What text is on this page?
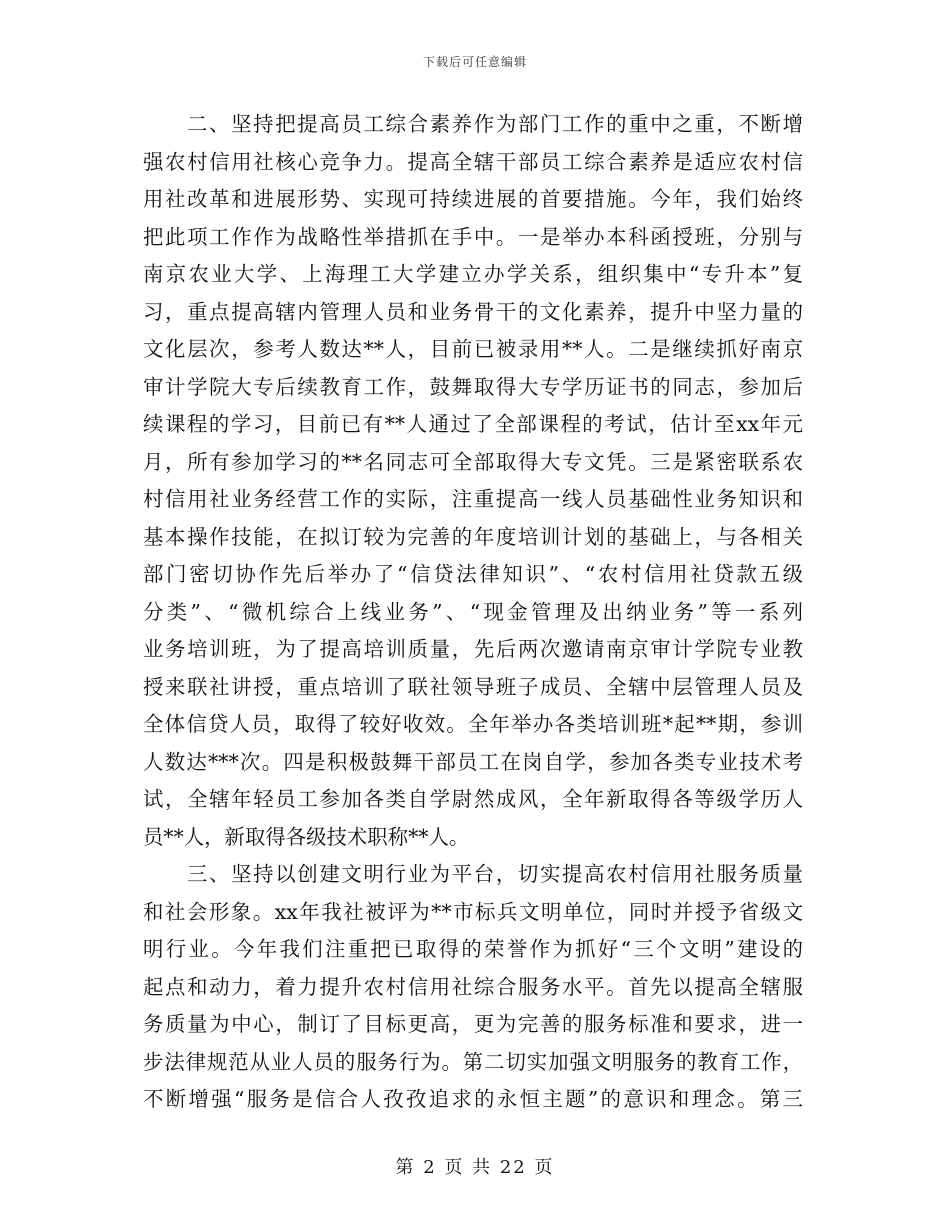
下载后可任意编辑
二、坚持把提高员工综合素养作为部门工作的重中之重，不断增
强农村信用社核心竞争力。提高全辖干部员工综合素养是适应农村信
用社改革和进展形势、实现可持续进展的首要措施。今年，我们始终
把此项工作作为战略性举措抓在手中。一是举办本科函授班，分别与
南京农业大学、上海理工大学建立办学关系，组织集中“专升本”复
习，重点提高辖内管理人员和业务骨干的文化素养，提升中坚力量的
文化层次，参考人数达**人，目前已被录用**人。二是继续抓好南京
审计学院大专后续教育工作，鼓舞取得大专学历证书的同志，参加后
续课程的学习，目前已有**人通过了全部课程的考试，估计至xx年元
月，所有参加学习的**名同志可全部取得大专文凭。三是紧密联系农
村信用社业务经营工作的实际，注重提高一线人员基础性业务知识和
基本操作技能，在拟订较为完善的年度培训计划的基础上，与各相关
部门密切协作先后举办了“信贷法律知识”、“农村信用社贷款五级
分类”、“微机综合上线业务”、“现金管理及出纳业务”等一系列
业务培训班，为了提高培训质量，先后两次邀请南京审计学院专业教
授来联社讲授，重点培训了联社领导班子成员、全辖中层管理人员及
全体信贷人员，取得了较好收效。全年举办各类培训班*起**期，参训
人数达***次。四是积极鼓舞干部员工在岗自学，参加各类专业技术考
试，全辖年轻员工参加各类自学尉然成风，全年新取得各等级学历人
员**人，新取得各级技术职称**人。
三、坚持以创建文明行业为平台，切实提高农村信用社服务质量
和社会形象。xx年我社被评为**市标兵文明单位，同时并授予省级文
明行业。今年我们注重把已取得的荣誉作为抓好“三个文明”建设的
起点和动力，着力提升农村信用社综合服务水平。首先以提高全辖服
务质量为中心，制订了目标更高，更为完善的服务标准和要求，进一
步法律规范从业人员的服务行为。第二切实加强文明服务的教育工作，
不断增强“服务是信合人孜孜追求的永恒主题”的意识和理念。第三
第 2 页 共 22 页
